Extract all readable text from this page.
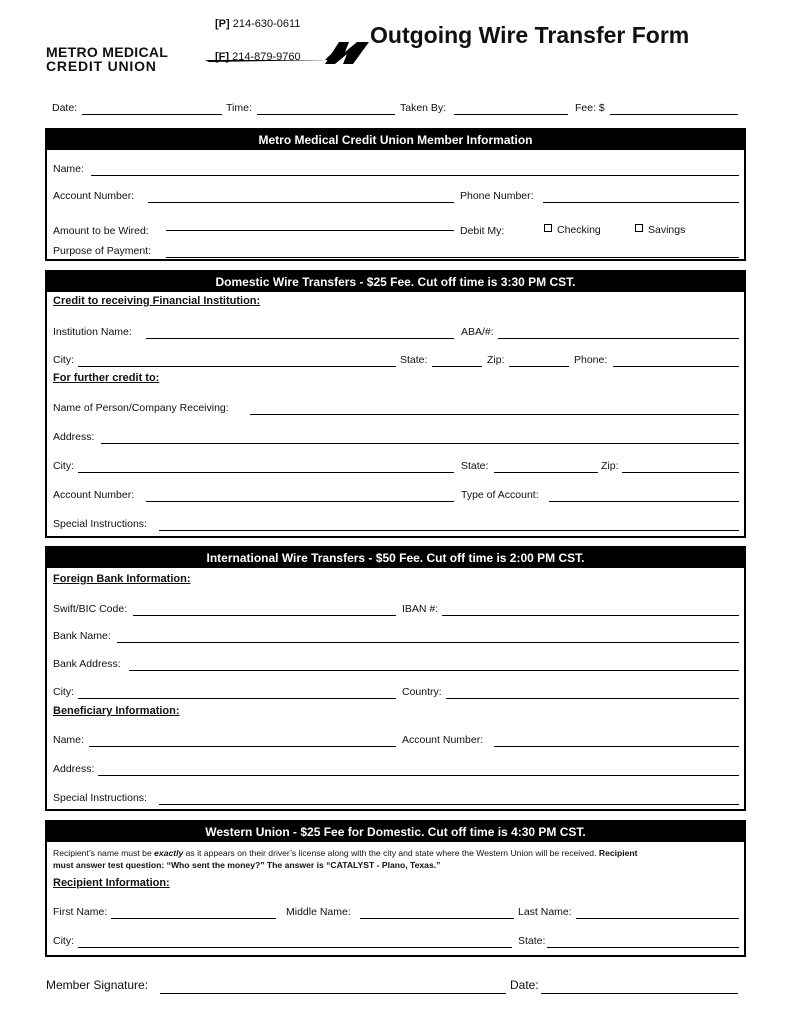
METRO MEDICAL
CREDIT UNION
[P] 214-630-0611
[F] 214-879-9760
Outgoing Wire Transfer Form
Date:	Time:	Taken By:	Fee: $
Metro Medical Credit Union Member Information
Name:
Account Number:	Phone Number:
Amount to be Wired:	Debit My:	Checking	Savings
Purpose of Payment:
Domestic Wire Transfers - $25 Fee. Cut off time is 3:30 PM CST.
Credit to receiving Financial Institution:
Institution Name:	ABA/#:
City:	State:	Zip:	Phone:
For further credit to:
Name of Person/Company Receiving:
Address:
City:	State:	Zip:
Account Number:	Type of Account:
Special Instructions:
International Wire Transfers - $50 Fee. Cut off time is 2:00 PM CST.
Foreign Bank Information:
Swift/BIC Code:	IBAN #:
Bank Name:
Bank Address:
City:	Country:
Beneficiary Information:
Name:	Account Number:
Address:
Special Instructions:
Western Union - $25 Fee for Domestic. Cut off time is 4:30 PM CST.
Recipient’s name must be exactly as it appears on their driver’s license along with the city and state where the Western Union will be received. Recipient
must answer test question: “Who sent the money?” The answer is “CATALYST - Plano, Texas.”
Recipient Information:
First Name:	Middle Name:	Last Name:
City:	State:
Member Signature:	Date:
